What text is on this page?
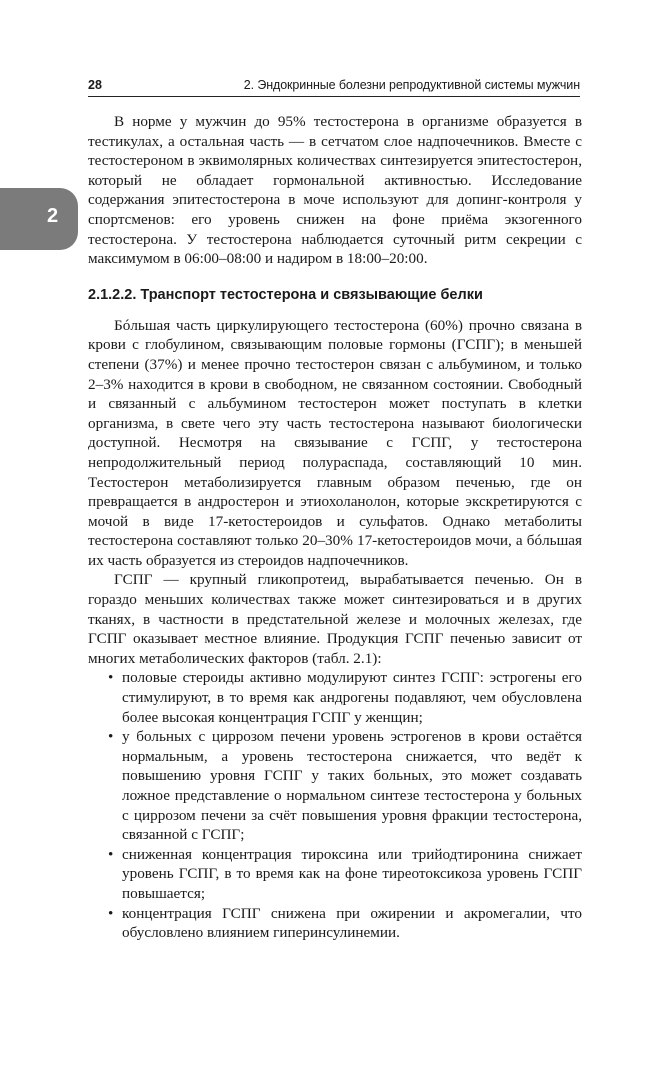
28	2. Эндокринные болезни репродуктивной системы мужчин
2

В норме у мужчин до 95% тестостерона в организме образуется в тестикулах, а остальная часть — в сетчатом слое надпочечников. Вместе с тестостероном в эквимолярных количествах синтезируется эпитестостерон, который не обладает гормональной активностью. Исследование содержания эпитестостерона в моче используют для допинг-контроля у спортсменов: его уровень снижен на фоне приёма экзогенного тестостерона. У тестостерона наблюдается суточный ритм секреции с максимумом в 06:00–08:00 и надиром в 18:00–20:00.

2.1.2.2. Транспорт тестостерона и связывающие белки

Бóльшая часть циркулирующего тестостерона (60%) прочно связана в крови с глобулином, связывающим половые гормоны (ГСПГ); в меньшей степени (37%) и менее прочно тестостерон связан с альбумином, и только 2–3% находится в крови в свободном, не связанном состоянии. Свободный и связанный с альбумином тестостерон может поступать в клетки организма, в свете чего эту часть тестостерона называют биологически доступной. Несмотря на связывание с ГСПГ, у тестостерона непродолжительный период полураспада, составляющий 10 мин. Тестостерон метаболизируется главным образом печенью, где он превращается в андростерон и этиохоланолон, которые экскретируются с мочой в виде 17-кетостероидов и сульфатов. Однако метаболиты тестостерона составляют только 20–30% 17-кетостероидов мочи, а бóльшая их часть образуется из стероидов надпочечников.

ГСПГ — крупный гликопротеид, вырабатывается печенью. Он в гораздо меньших количествах также может синтезироваться и в других тканях, в частности в предстательной железе и молочных железах, где ГСПГ оказывает местное влияние. Продукция ГСПГ печенью зависит от многих метаболических факторов (табл. 2.1):

• половые стероиды активно модулируют синтез ГСПГ: эстрогены его стимулируют, в то время как андрогены подавляют, чем обусловлена более высокая концентрация ГСПГ у женщин;
• у больных с циррозом печени уровень эстрогенов в крови остаётся нормальным, а уровень тестостерона снижается, что ведёт к повышению уровня ГСПГ у таких больных, это может создавать ложное представление о нормальном синтезе тестостерона у больных с циррозом печени за счёт повышения уровня фракции тестостерона, связанной с ГСПГ;
• сниженная концентрация тироксина или трийодтиронина снижает уровень ГСПГ, в то время как на фоне тиреотоксикоза уровень ГСПГ повышается;
• концентрация ГСПГ снижена при ожирении и акромегалии, что обусловлено влиянием гиперинсулинемии.
